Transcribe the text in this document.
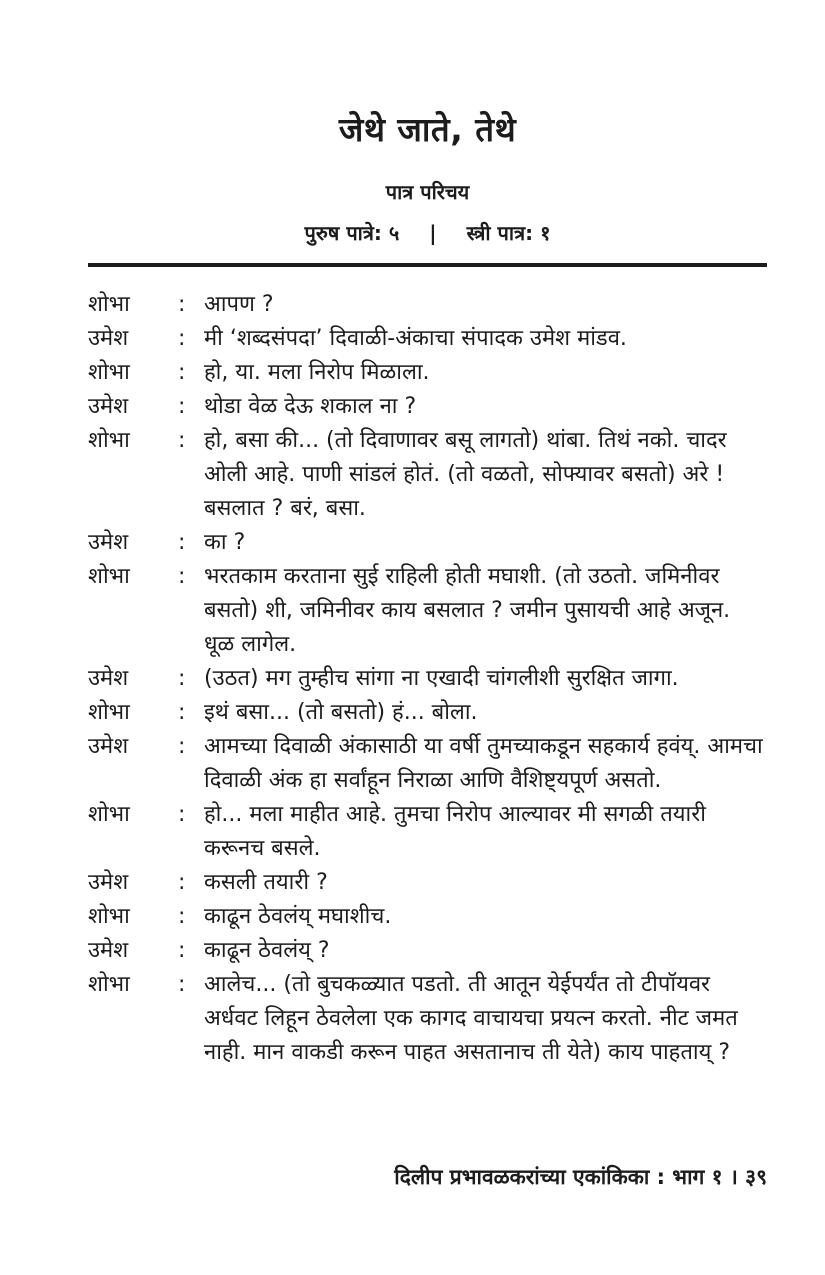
जेथे जाते, तेथे
पात्र परिचय
पुरुष पात्रे: ५ | स्त्री पात्र: १
शोभा	: आपण ?
उमेश	: मी ‘शब्दसंपदा’ दिवाळी-अंकाचा संपादक उमेश मांडव.
शोभा	: हो, या. मला निरोप मिळाला.
उमेश	: थोडा वेळ देऊ शकाल ना ?
शोभा	: हो, बसा की... (तो दिवाणावर बसू लागतो) थांबा. तिथं नको. चादर ओली आहे. पाणी सांडलं होतं. (तो वळतो, सोफ्यावर बसतो) अरे ! बसलात ? बरं, बसा.
उमेश	: का ?
शोभा	: भरतकाम करताना सुई राहिली होती मघाशी. (तो उठतो. जमिनीवर बसतो) शी, जमिनीवर काय बसलात ? जमीन पुसायची आहे अजून. धूळ लागेल.
उमेश	: (उठत) मग तुम्हीच सांगा ना एखादी चांगलीशी सुरक्षित जागा.
शोभा	: इथं बसा... (तो बसतो) हं... बोला.
उमेश	: आमच्या दिवाळी अंकासाठी या वर्षी तुमच्याकडून सहकार्य हवंय्. आमचा दिवाळी अंक हा सर्वांहून निराळा आणि वैशिष्ट्यपूर्ण असतो.
शोभा	: हो... मला माहीत आहे. तुमचा निरोप आल्यावर मी सगळी तयारी करूनच बसले.
उमेश	: कसली तयारी ?
शोभा	: काढून ठेवलंय् मघाशीच.
उमेश	: काढून ठेवलंय् ?
शोभा	: आलेच... (तो बुचकळ्यात पडतो. ती आतून येईपर्यंत तो टीपॉयवर अर्धवट लिहून ठेवलेला एक कागद वाचायचा प्रयत्न करतो. नीट जमत नाही. मान वाकडी करून पाहत असतानाच ती येते) काय पाहताय् ?
दिलीप प्रभावळकरांच्या एकांकिका : भाग १ । ३९
